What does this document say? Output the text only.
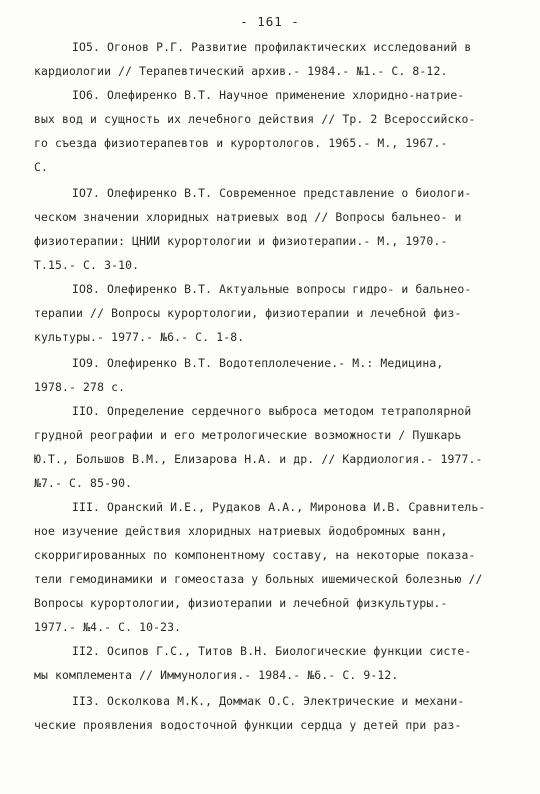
- 161 -
IO5. Огонов Р.Г. Развитие профилактических исследований в
кардиологии // Терапевтический архив.- 1984.- №1.- С. 8-12.
IO6. Олефиренко В.Т. Научное применение хлоридно-натрие-
вых вод и сущность их лечебного действия // Тр. 2 Всероссийско-
го съезда физиотерапевтов и курортологов. 1965.- М., 1967.-
С.
IO7. Олефиренко В.Т. Современное представление о биологи-
ческом значении хлоридных натриевых вод // Вопросы бальнео- и
физиотерапии: ЦНИИ курортологии и физиотерапии.- М., 1970.-
Т.15.- С. 3-10.
IO8. Олефиренко В.Т. Актуальные вопросы гидро- и бальнео-
терапии // Вопросы курортологии, физиотерапии и лечебной физ-
культуры.- 1977.- №6.- С. 1-8.
IO9. Олефиренко В.Т. Водотеплолечение.- М.: Медицина,
1978.- 278 с.
IIO. Определение сердечного выброса методом тетраполярной
грудной реографии и его метрологические возможности / Пушкарь
Ю.Т., Большов В.М., Елизарова Н.А. и др. // Кардиология.- 1977.-
№7.- С. 85-90.
III. Оранский И.Е., Рудаков А.А., Миронова И.В. Сравнитель-
ное изучение действия хлоридных натриевых йодобромных ванн,
скорригированных по компонентному составу, на некоторые показа-
тели гемодинамики и гомеостаза у больных ишемической болезнью //
Вопросы курортологии, физиотерапии и лечебной физкультуры.-
1977.- №4.- С. 10-23.
II2. Осипов Г.С., Титов В.Н. Биологические функции систе-
мы комплемента // Иммунология.- 1984.- №6.- С. 9-12.
II3. Осколкова М.К., Доммак О.С. Электрические и механи-
ческие проявления водосточной функции сердца у детей при раз-
